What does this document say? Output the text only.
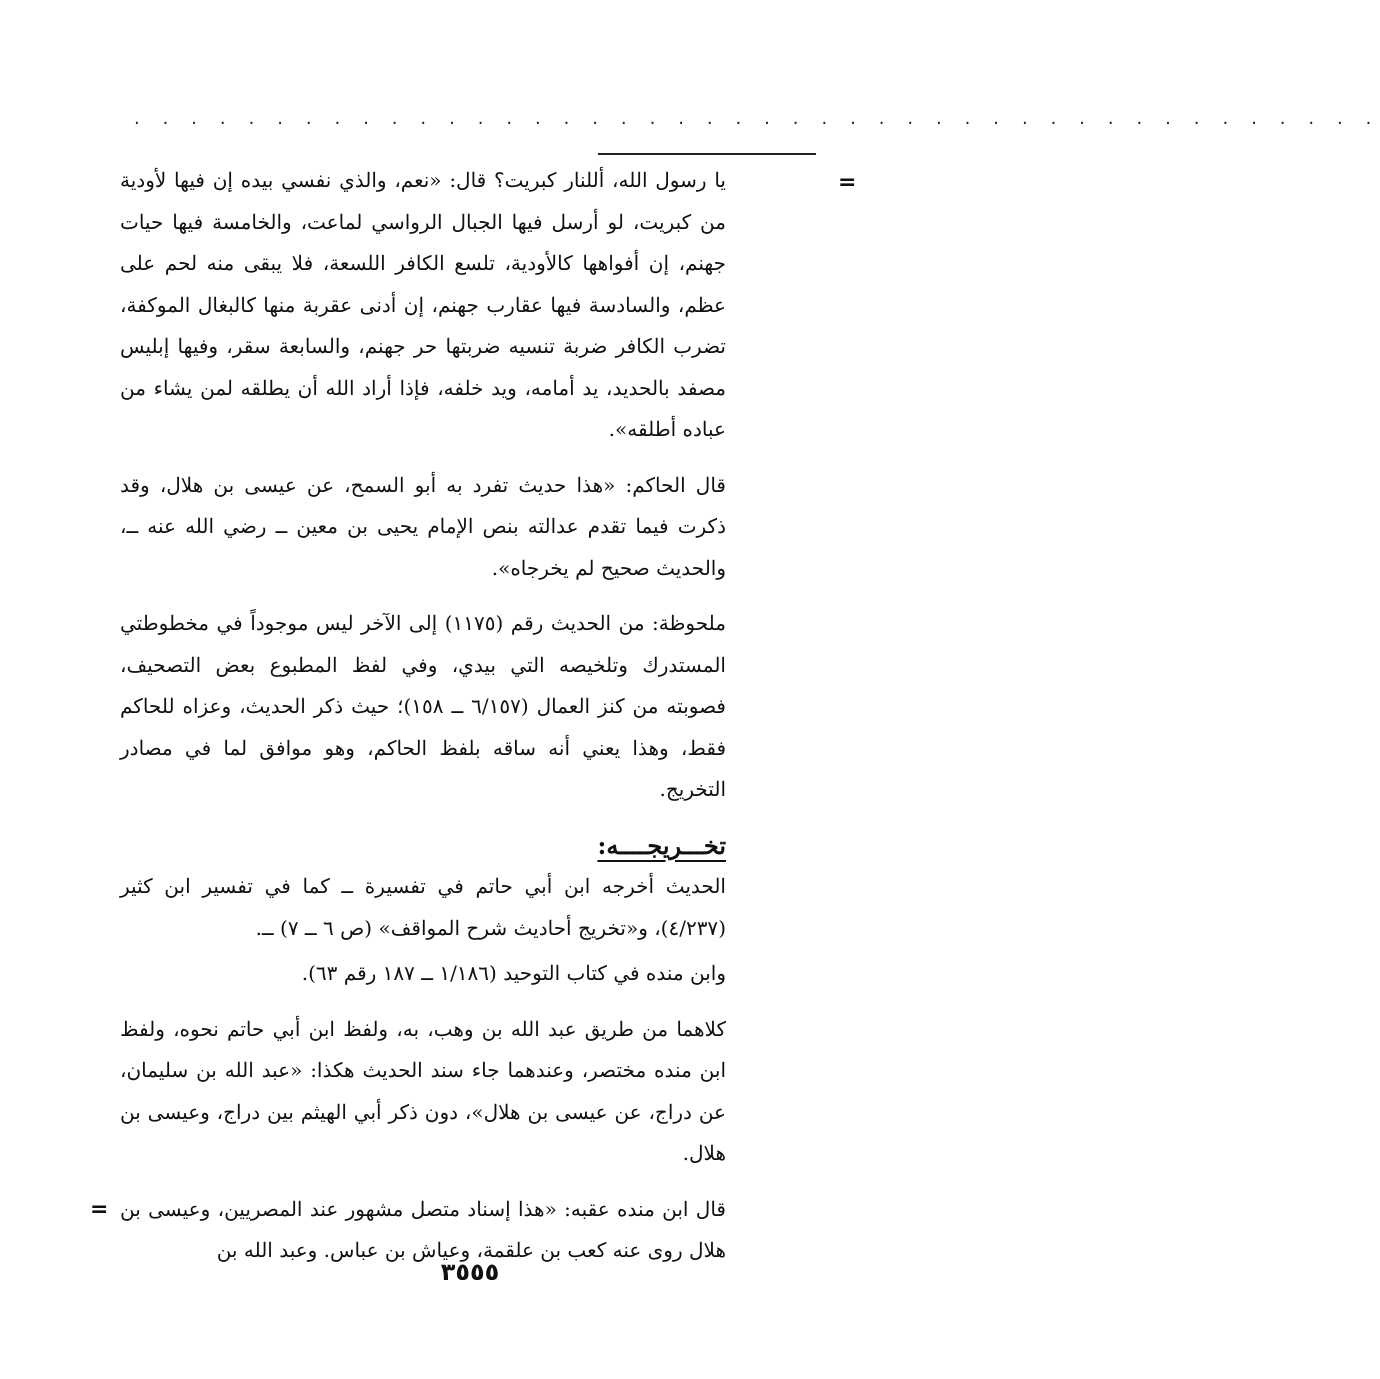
. . . . . . . . . . . . . . . . . . . . . . . . . . . . . . . . . . . . . . . . . . . .
=

يا رسول الله، أللنار كبريت؟ قال: «نعم، والذي نفسي بيده إن فيها لأودية من كبريت، لو أرسل فيها الجبال الرواسي لماعت، والخامسة فيها حيات جهنم، إن أفواهها كالأودية، تلسع الكافر اللسعة، فلا يبقى منه لحم على عظم، والسادسة فيها عقارب جهنم، إن أدنى عقربة منها كالبغال الموكفة، تضرب الكافر ضربة تنسيه ضربتها حر جهنم، والسابعة سقر، وفيها إبليس مصفد بالحديد، يد أمامه، ويد خلفه، فإذا أراد الله أن يطلقه لمن يشاء من عباده أطلقه».

قال الحاكم: «هذا حديث تفرد به أبو السمح، عن عيسى بن هلال، وقد ذكرت فيما تقدم عدالته بنص الإمام يحيى بن معين ــ رضي الله عنه ــ، والحديث صحيح لم يخرجاه».

ملحوظة: من الحديث رقم (١١٧٥) إلى الآخر ليس موجوداً في مخطوطتي المستدرك وتلخيصه التي بيدي، وفي لفظ المطبوع بعض التصحيف، فصوبته من كنز العمال (٦/١٥٧ ــ ١٥٨)؛ حيث ذكر الحديث، وعزاه للحاكم فقط، وهذا يعني أنه ساقه بلفظ الحاكم، وهو موافق لما في مصادر التخريج.

تخـــريجــــه:

الحديث أخرجه ابن أبي حاتم في تفسيرة ــ كما في تفسير ابن كثير (٤/٢٣٧)، و«تخريج أحاديث شرح المواقف» (ص ٦ ــ ٧) ــ.

وابن منده في كتاب التوحيد (١/١٨٦ ــ ١٨٧ رقم ٦٣).

كلاهما من طريق عبد الله بن وهب، به، ولفظ ابن أبي حاتم نحوه، ولفظ ابن منده مختصر، وعندهما جاء سند الحديث هكذا: «عبد الله بن سليمان، عن دراج، عن عيسى بن هلال»، دون ذكر أبي الهيثم بين دراج، وعيسى بن هلال.

قال ابن منده عقبه: «هذا إسناد متصل مشهور عند المصريين، وعيسى بن هلال روى عنه كعب بن علقمة، وعياش بن عباس. وعبد الله بن

=
٣٥٥٥
